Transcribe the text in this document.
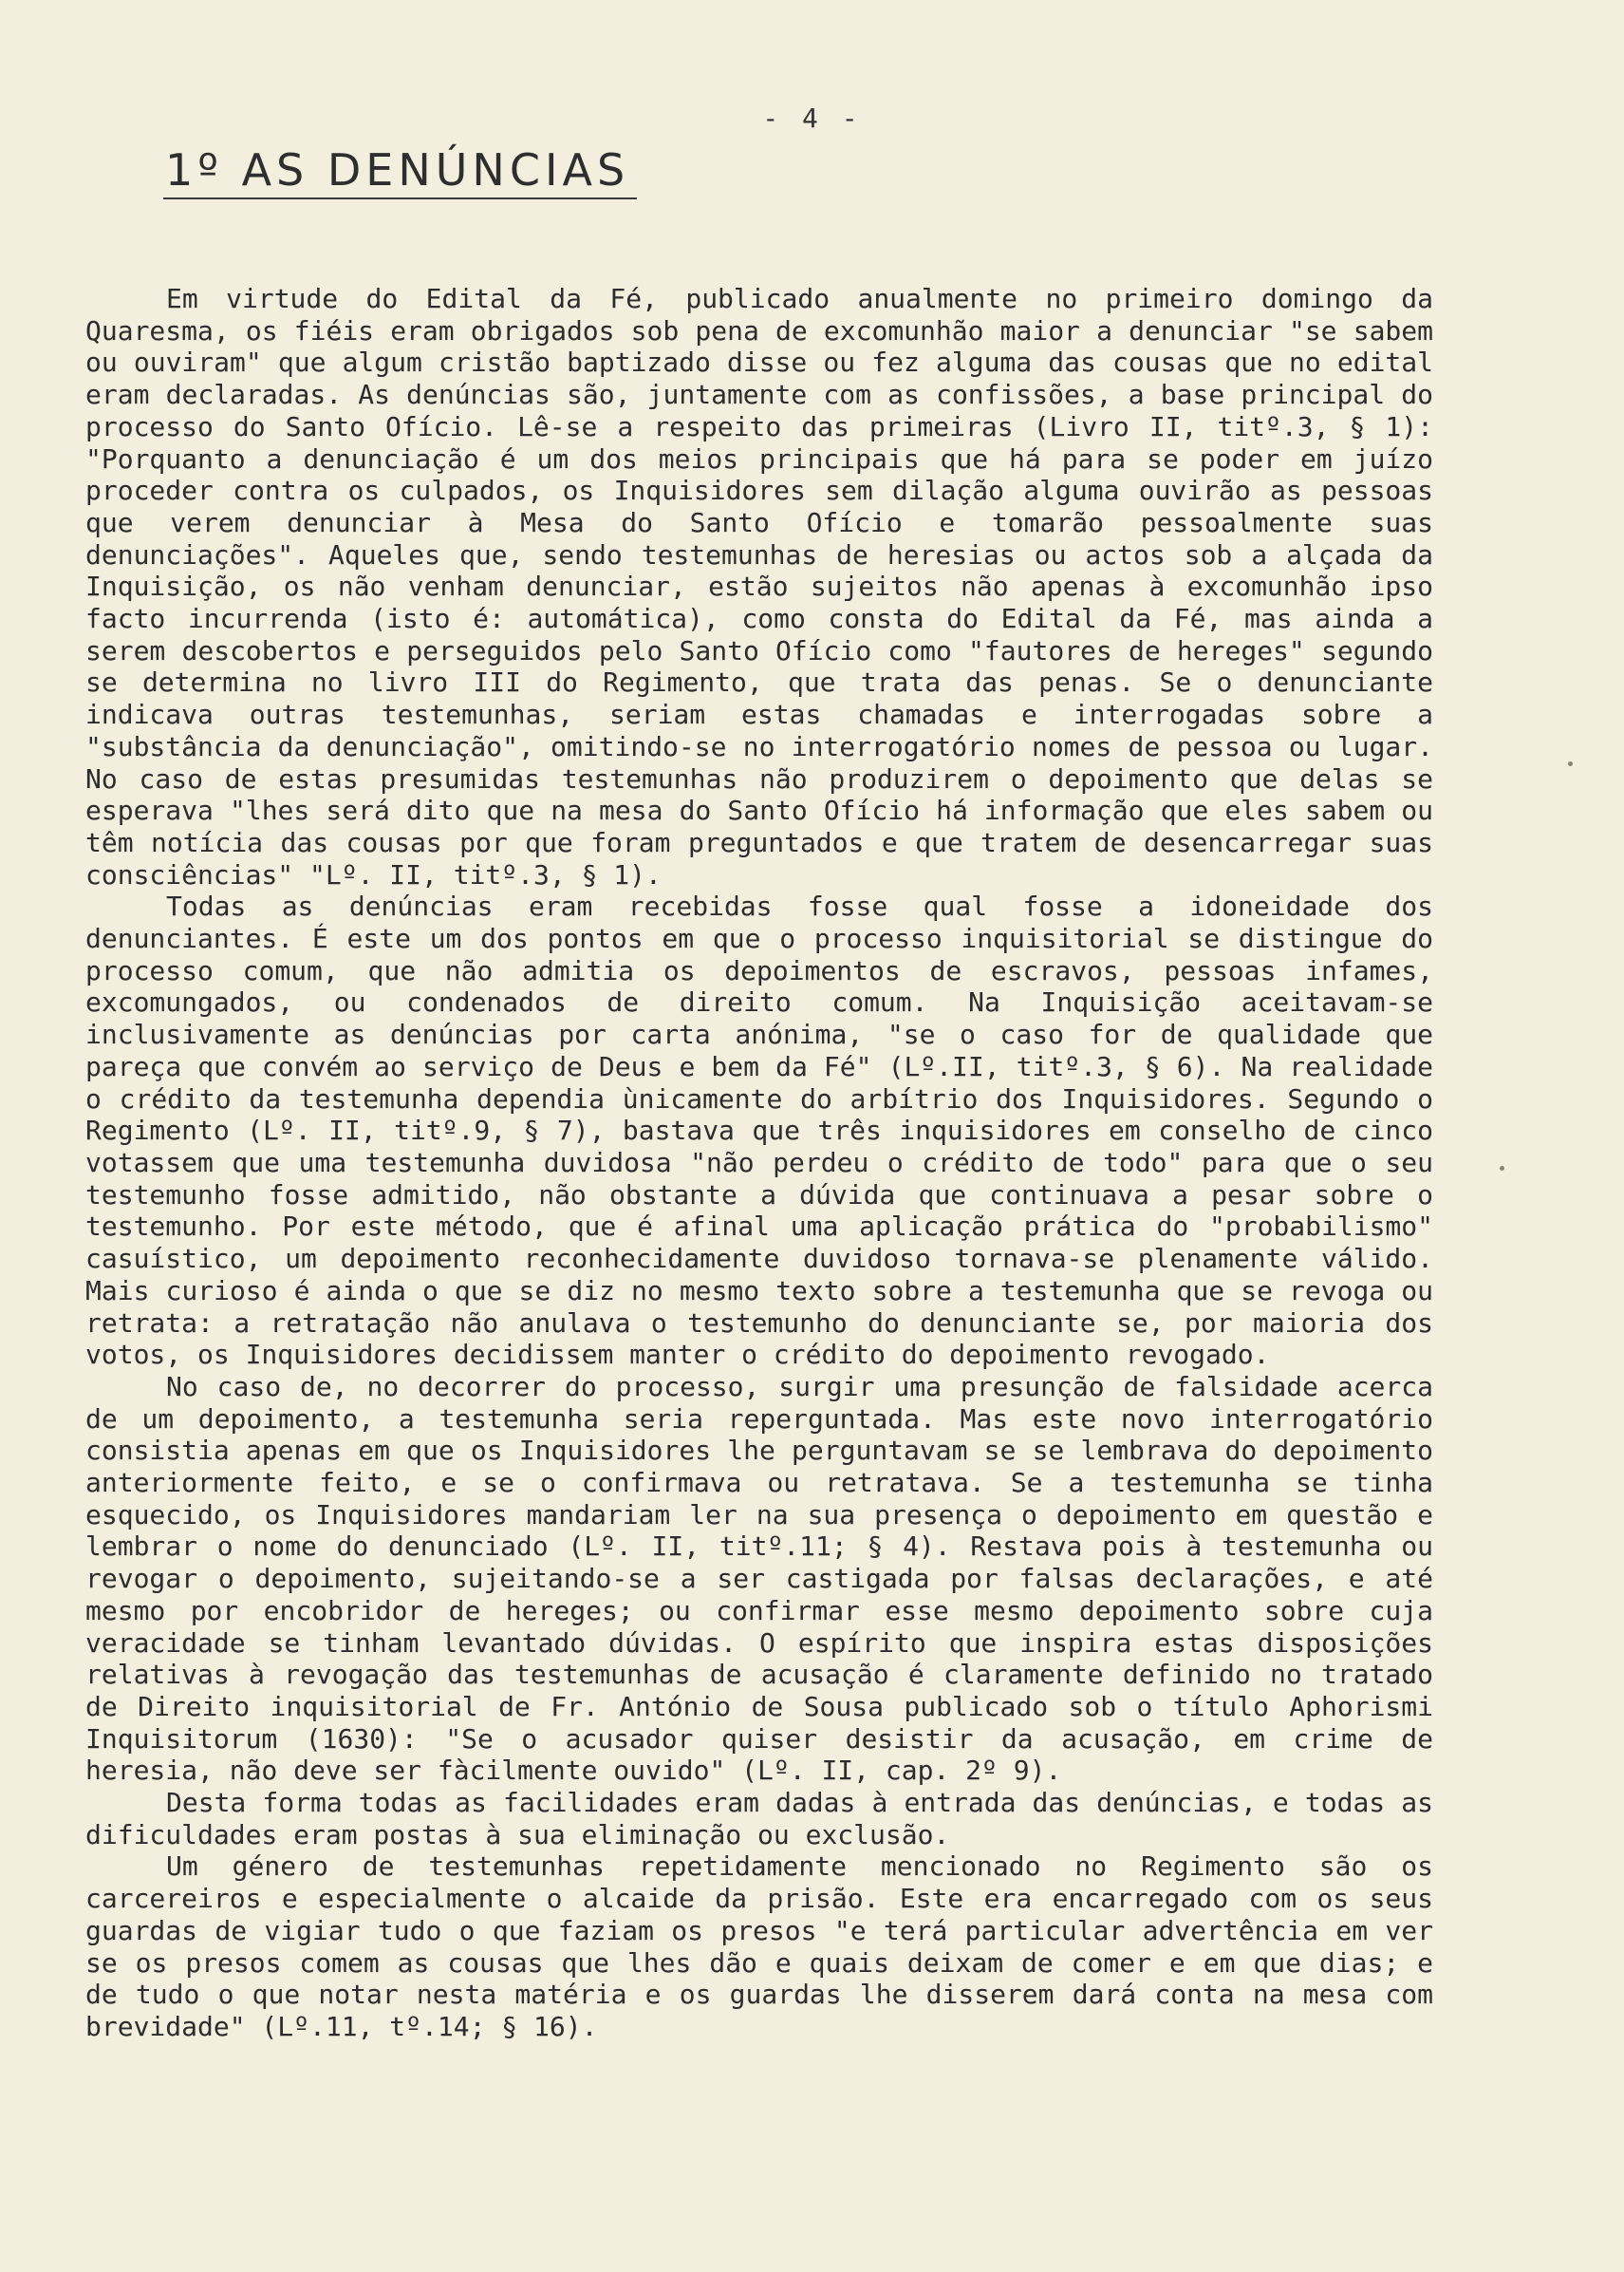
- 4 -
1º AS DENÚNCIAS

Em virtude do Edital da Fé, publicado anualmente no primeiro domingo da Quaresma, os fiéis eram obrigados sob pena de excomunhão maior a denunciar "se sabem ou ouviram" que algum cristão baptizado disse ou fez alguma das cousas que no edital eram declaradas. As denúncias são, juntamente com as confissões, a base principal do processo do Santo Ofício. Lê-se a respeito das primeiras (Livro II, titº.3, § 1): "Porquanto a denunciação é um dos meios principais que há para se poder em juízo proceder contra os culpados, os Inquisidores sem dilação alguma ouvirão as pessoas que verem denunciar à Mesa do Santo Ofício e tomarão pessoalmente suas denunciações". Aqueles que, sendo testemunhas de heresias ou actos sob a alçada da Inquisição, os não venham denunciar, estão sujeitos não apenas à excomunhão ipso facto incurrenda (isto é: automática), como consta do Edital da Fé, mas ainda a serem descobertos e perseguidos pelo Santo Ofício como "fautores de hereges" segundo se determina no livro III do Regimento, que trata das penas. Se o denunciante indicava outras testemunhas, seriam estas chamadas e interrogadas sobre a "substância da denunciação", omitindo-se no interrogatório nomes de pessoa ou lugar. No caso de estas presumidas testemunhas não produzirem o depoimento que delas se esperava "lhes será dito que na mesa do Santo Ofício há informação que eles sabem ou têm notícia das cousas por que foram preguntados e que tratem de desencarregar suas consciências" "Lº. II, titº.3, § 1).

Todas as denúncias eram recebidas fosse qual fosse a idoneidade dos denunciantes. É este um dos pontos em que o processo inquisitorial se distingue do processo comum, que não admitia os depoimentos de escravos, pessoas infames, excomungados, ou condenados de direito comum. Na Inquisição aceitavam-se inclusivamente as denúncias por carta anónima, "se o caso for de qualidade que pareça que convém ao serviço de Deus e bem da Fé" (Lº.II, titº.3, § 6). Na realidade o crédito da testemunha dependia ùnicamente do arbítrio dos Inquisidores. Segundo o Regimento (Lº. II, titº.9, § 7), bastava que três inquisidores em conselho de cinco votassem que uma testemunha duvidosa "não perdeu o crédito de todo" para que o seu testemunho fosse admitido, não obstante a dúvida que continuava a pesar sobre o testemunho. Por este método, que é afinal uma aplicação prática do "probabilismo" casuístico, um depoimento reconhecidamente duvidoso tornava-se plenamente válido. Mais curioso é ainda o que se diz no mesmo texto sobre a testemunha que se revoga ou retrata: a retratação não anulava o testemunho do denunciante se, por maioria dos votos, os Inquisidores decidissem manter o crédito do depoimento revogado.

No caso de, no decorrer do processo, surgir uma presunção de falsidade acerca de um depoimento, a testemunha seria reperguntada. Mas este novo interrogatório consistia apenas em que os Inquisidores lhe perguntavam se se lembrava do depoimento anteriormente feito, e se o confirmava ou retratava. Se a testemunha se tinha esquecido, os Inquisidores mandariam ler na sua presença o depoimento em questão e lembrar o nome do denunciado (Lº. II, titº.11; § 4). Restava pois à testemunha ou revogar o depoimento, sujeitando-se a ser castigada por falsas declarações, e até mesmo por encobridor de hereges; ou confirmar esse mesmo depoimento sobre cuja veracidade se tinham levantado dúvidas. O espírito que inspira estas disposições relativas à revogação das testemunhas de acusação é claramente definido no tratado de Direito inquisitorial de Fr. António de Sousa publicado sob o título Aphorismi Inquisitorum (1630): "Se o acusador quiser desistir da acusação, em crime de heresia, não deve ser fàcilmente ouvido" (Lº. II, cap. 2º 9).

Desta forma todas as facilidades eram dadas à entrada das denúncias, e todas as dificuldades eram postas à sua eliminação ou exclusão.

Um género de testemunhas repetidamente mencionado no Regimento são os carcereiros e especialmente o alcaide da prisão. Este era encarregado com os seus guardas de vigiar tudo o que faziam os presos "e terá particular advertência em ver se os presos comem as cousas que lhes dão e quais deixam de comer e em que dias; e de tudo o que notar nesta matéria e os guardas lhe disserem dará conta na mesa com brevidade" (Lº.11, tº.14; § 16).
